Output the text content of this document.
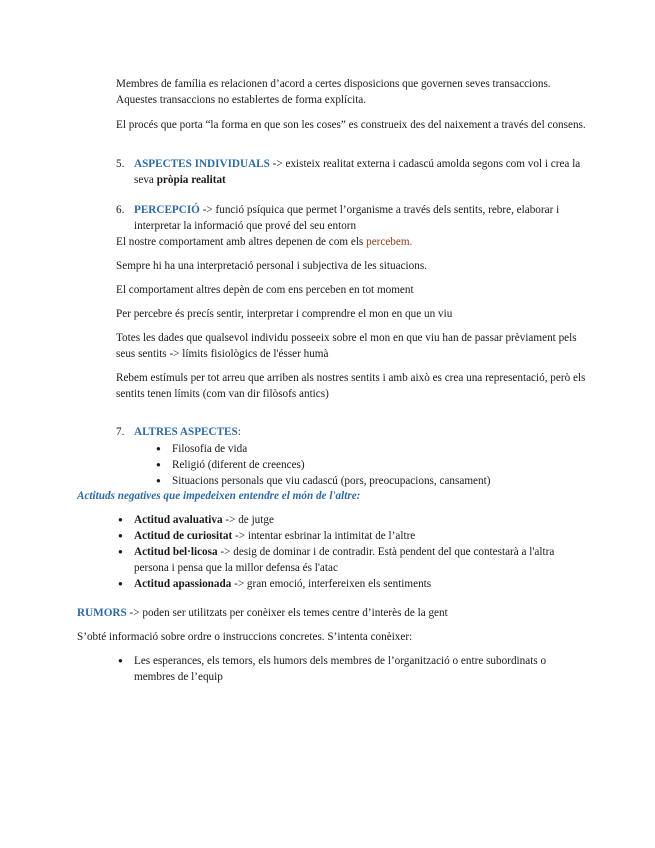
Membres de família es relacionen d’acord a certes disposicions que governen seves transaccions. Aquestes transaccions no establertes de forma explícita.

El procés que porta “la forma en que son les coses” es construeix des del naixement a través del consens.

5. ASPECTES INDIVIDUALS -> existeix realitat externa i cadascú amolda segons com vol i crea la seva pròpia realitat
6. PERCEPCIÓ -> funció psíquica que permet l’organisme a través dels sentits, rebre, elaborar i interpretar la informació que prové del seu entorn

El nostre comportament amb altres depenen de com els percebem.

Sempre hi ha una interpretació personal i subjectiva de les situacions.

El comportament altres depèn de com ens perceben en tot moment

Per percebre és precís sentir, interpretar i comprendre el mon en que un viu

Totes les dades que qualsevol individu posseeix sobre el mon en que viu han de passar prèviament pels seus sentits -> límits fisiològics de l'ésser humà

Rebem estímuls per tot arreu que arriben als nostres sentits i amb això es crea una representació, però els sentits tenen límits (com van dir filòsofs antics)

7. ALTRES ASPECTES:
● Filosofia de vida
● Religió (diferent de creences)
● Situacions personals que viu cadascú (pors, preocupacions, cansament)

Actituds negatives que impedeixen entendre el món de l'altre:

● Actitud avaluativa -> de jutge
● Actitud de curiositat -> intentar esbrinar la intimitat de l’altre
● Actitud bel·licosa -> desig de dominar i de contradir. Està pendent del que contestarà a l'altra persona i pensa que la millor defensa és l'atac
● Actitud apassionada -> gran emoció, interfereixen els sentiments

RUMORS -> poden ser utilitzats per conèixer els temes centre d’interès de la gent

S’obté informació sobre ordre o instruccions concretes. S’intenta conèixer:

● Les esperances, els temors, els humors dels membres de l’organització o entre subordinats o membres de l’equip
